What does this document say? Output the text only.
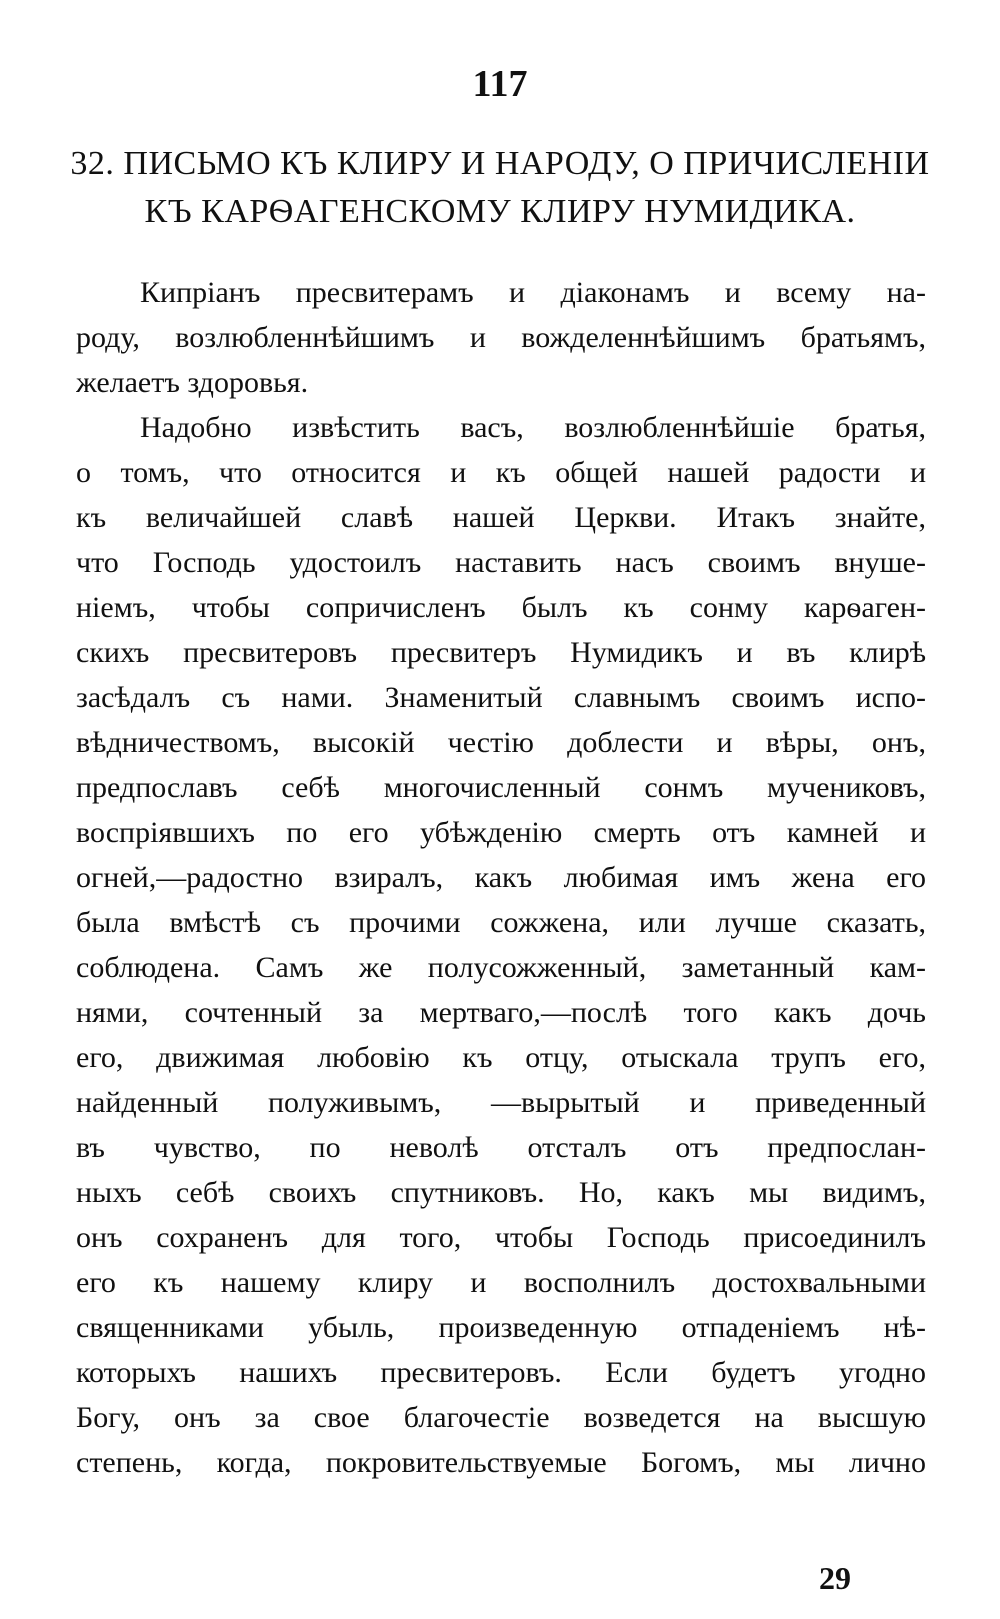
117
32. ПИСЬМО КЪ КЛИРУ И НАРОДУ, О ПРИЧИСЛЕНІИ
КЪ КАРѲАГЕНСКОМУ КЛИРУ НУМИДИКА.
Кипріанъ пресвитерамъ и діаконамъ и всему на-
роду, возлюбленнѣйшимъ и вожделеннѣйшимъ братьямъ,
желаетъ здоровья.
Надобно извѣстить васъ, возлюбленнѣйшіе братья,
о томъ, что относится и къ общей нашей радости и
къ величайшей славѣ нашей Церкви. Итакъ знайте,
что Господь удостоилъ наставить насъ своимъ внуше-
ніемъ, чтобы сопричисленъ былъ къ сонму карѳаген-
скихъ пресвитеровъ пресвитеръ Нумидикъ и въ клирѣ
засѣдалъ съ нами. Знаменитый славнымъ своимъ испо-
вѣдничествомъ, высокій честію доблести и вѣры, онъ,
предпославъ себѣ многочисленный сонмъ мучениковъ,
воспріявшихъ по его убѣжденію смерть отъ камней и
огней,—радостно взиралъ, какъ любимая имъ жена его
была вмѣстѣ съ прочими сожжена, или лучше сказать,
соблюдена. Самъ же полусожженный, заметанный кам-
нями, сочтенный за мертваго,—послѣ того какъ дочь
его, движимая любовію къ отцу, отыскала трупъ его,
найденный полуживымъ, —вырытый и приведенный
въ чувство, по неволѣ отсталъ отъ предпослан-
ныхъ себѣ своихъ спутниковъ. Но, какъ мы видимъ,
онъ сохраненъ для того, чтобы Господь присоединилъ
его къ нашему клиру и восполнилъ достохвальными
священниками убыль, произведенную отпаденіемъ нѣ-
которыхъ нашихъ пресвитеровъ. Если будетъ угодно
Богу, онъ за свое благочестіе возведется на высшую
степень, когда, покровительствуемые Богомъ, мы лично
29
